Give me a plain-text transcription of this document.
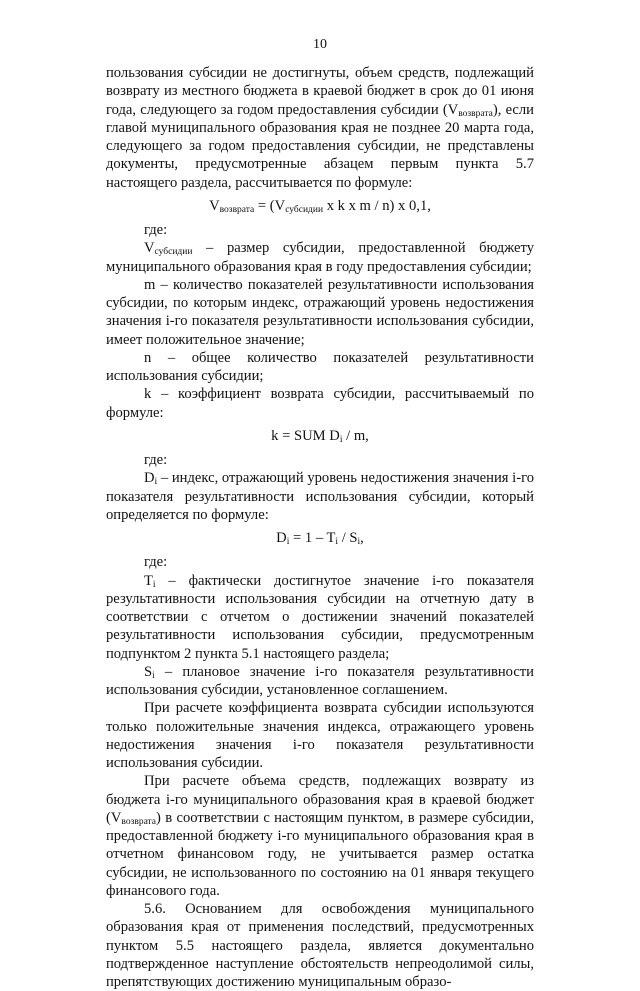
10

пользования субсидии не достигнуты, объем средств, подлежащий возврату из местного бюджета в краевой бюджет в срок до 01 июня года, следующего за годом предоставления субсидии $(V_{возврата})$, если главой муниципального образования края не позднее 20 марта года, следующего за годом предоставления субсидии, не представлены документы, предусмотренные абзацем первым пункта 5.7 настоящего раздела, рассчитывается по формуле:

$V_{возврата} = (V_{субсидии}$ x k x m / n) x 0,1,

где:

$V_{субсидии}$ – размер субсидии, предоставленной бюджету муниципального образования края в году предоставления субсидии;

m – количество показателей результативности использования субсидии, по которым индекс, отражающий уровень недостижения значения i-го показателя результативности использования субсидии, имеет положительное значение;

n – общее количество показателей результативности использования субсидии;

k – коэффициент возврата субсидии, рассчитываемый по формуле:

k = SUM $D_i$ / m,

где:

$D_i$ – индекс, отражающий уровень недостижения значения i-го показателя результативности использования субсидии, который определяется по формуле:

$D_i = 1 - T_i / S_i$,

где:

$T_i$ – фактически достигнутое значение i-го показателя результативности использования субсидии на отчетную дату в соответствии с отчетом о достижении значений показателей результативности использования субсидии, предусмотренным подпунктом 2 пункта 5.1 настоящего раздела;

$S_i$ – плановое значение i-го показателя результативности использования субсидии, установленное соглашением.

При расчете коэффициента возврата субсидии используются только положительные значения индекса, отражающего уровень недостижения значения i-го показателя результативности использования субсидии.

При расчете объема средств, подлежащих возврату из бюджета i-го муниципального образования края в краевой бюджет $(V_{возврата})$ в соответствии с настоящим пунктом, в размере субсидии, предоставленной бюджету i-го муниципального образования края в отчетном финансовом году, не учитывается размер остатка субсидии, не использованного по состоянию на 01 января текущего финансового года.

5.6. Основанием для освобождения муниципального образования края от применения последствий, предусмотренных пунктом 5.5 настоящего раздела, является документально подтвержденное наступление обстоятельств непреодолимой силы, препятствующих достижению муниципальным образо-
